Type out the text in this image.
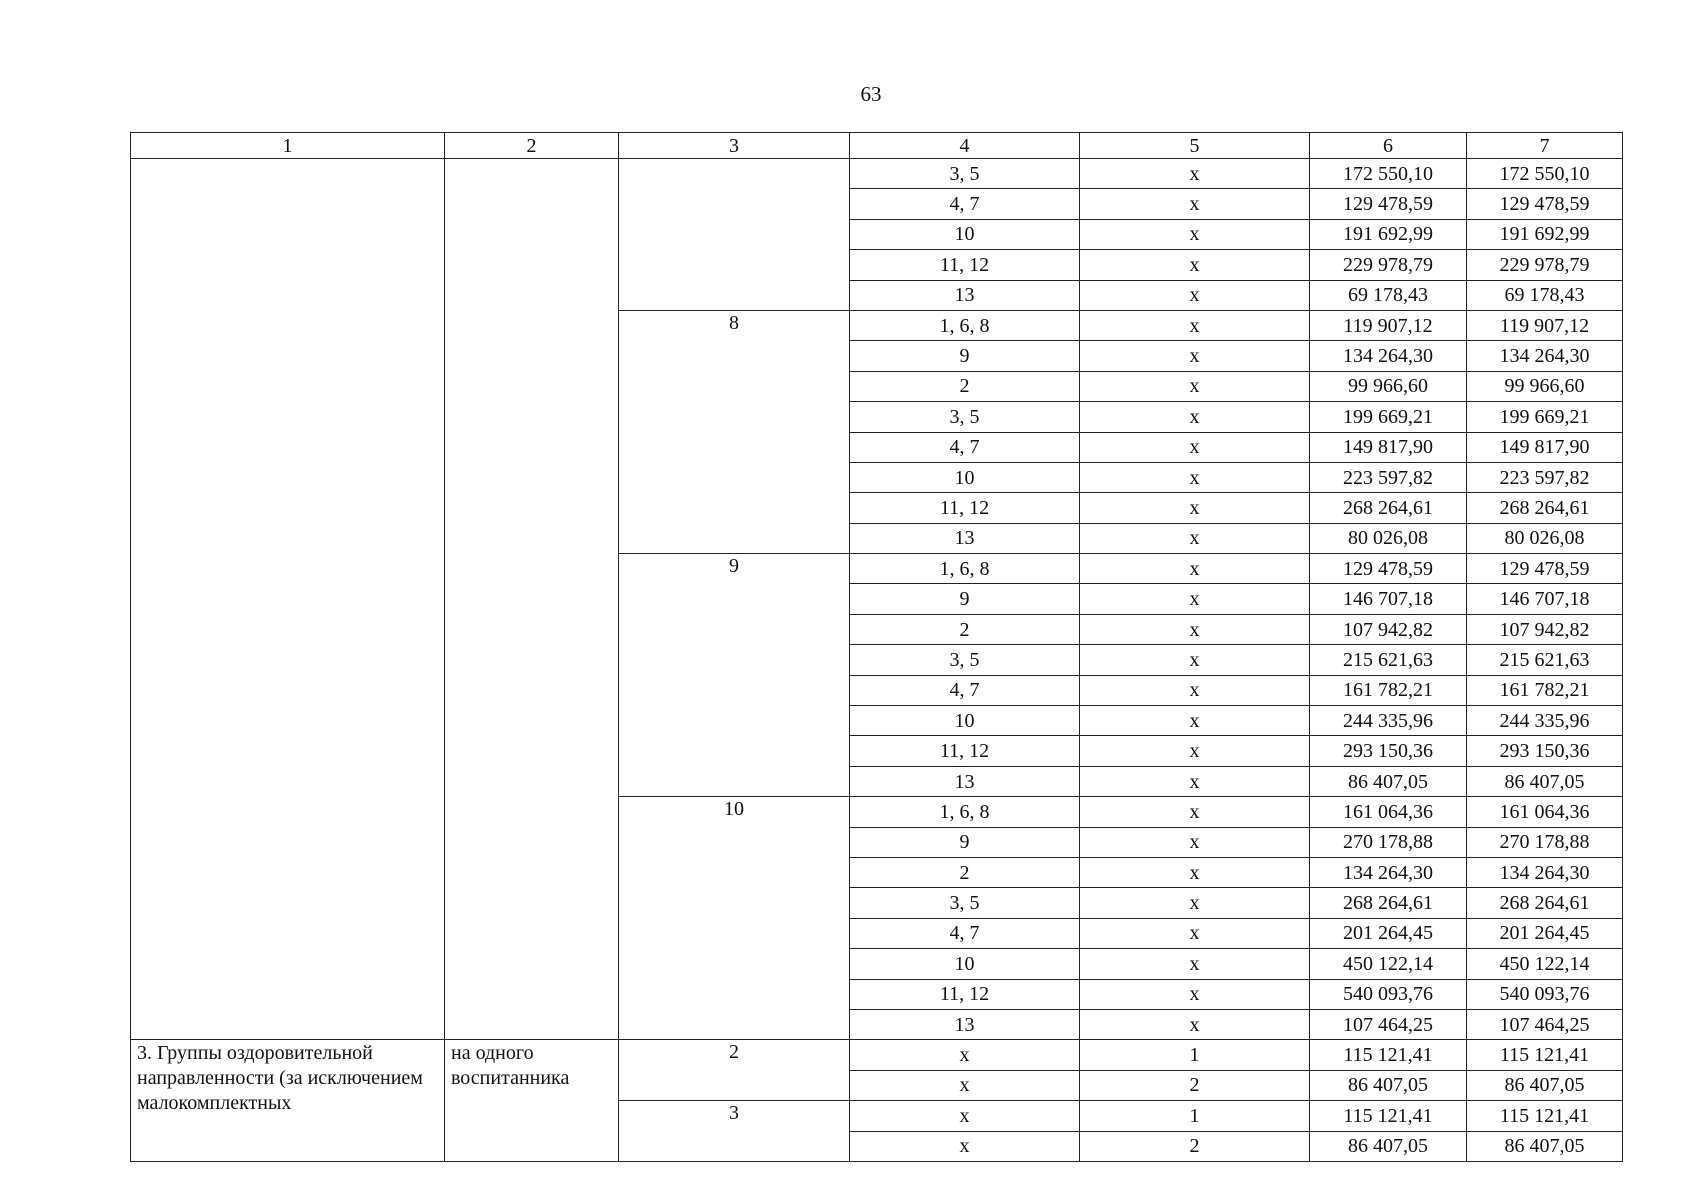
63
1	2	3	4	5	6	7
			3, 5	x	172 550,10	172 550,10
			4, 7	x	129 478,59	129 478,59
			10	x	191 692,99	191 692,99
			11, 12	x	229 978,79	229 978,79
			13	x	69 178,43	69 178,43
		8	1, 6, 8	x	119 907,12	119 907,12
			9	x	134 264,30	134 264,30
			2	x	99 966,60	99 966,60
			3, 5	x	199 669,21	199 669,21
			4, 7	x	149 817,90	149 817,90
			10	x	223 597,82	223 597,82
			11, 12	x	268 264,61	268 264,61
			13	x	80 026,08	80 026,08
		9	1, 6, 8	x	129 478,59	129 478,59
			9	x	146 707,18	146 707,18
			2	x	107 942,82	107 942,82
			3, 5	x	215 621,63	215 621,63
			4, 7	x	161 782,21	161 782,21
			10	x	244 335,96	244 335,96
			11, 12	x	293 150,36	293 150,36
			13	x	86 407,05	86 407,05
		10	1, 6, 8	x	161 064,36	161 064,36
			9	x	270 178,88	270 178,88
			2	x	134 264,30	134 264,30
			3, 5	x	268 264,61	268 264,61
			4, 7	x	201 264,45	201 264,45
			10	x	450 122,14	450 122,14
			11, 12	x	540 093,76	540 093,76
			13	x	107 464,25	107 464,25
3. Группы оздоровительной направленности (за исключением малокомплектных	на одного воспитанника	2	x	1	115 121,41	115 121,41
			x	2	86 407,05	86 407,05
		3	x	1	115 121,41	115 121,41
			x	2	86 407,05	86 407,05
